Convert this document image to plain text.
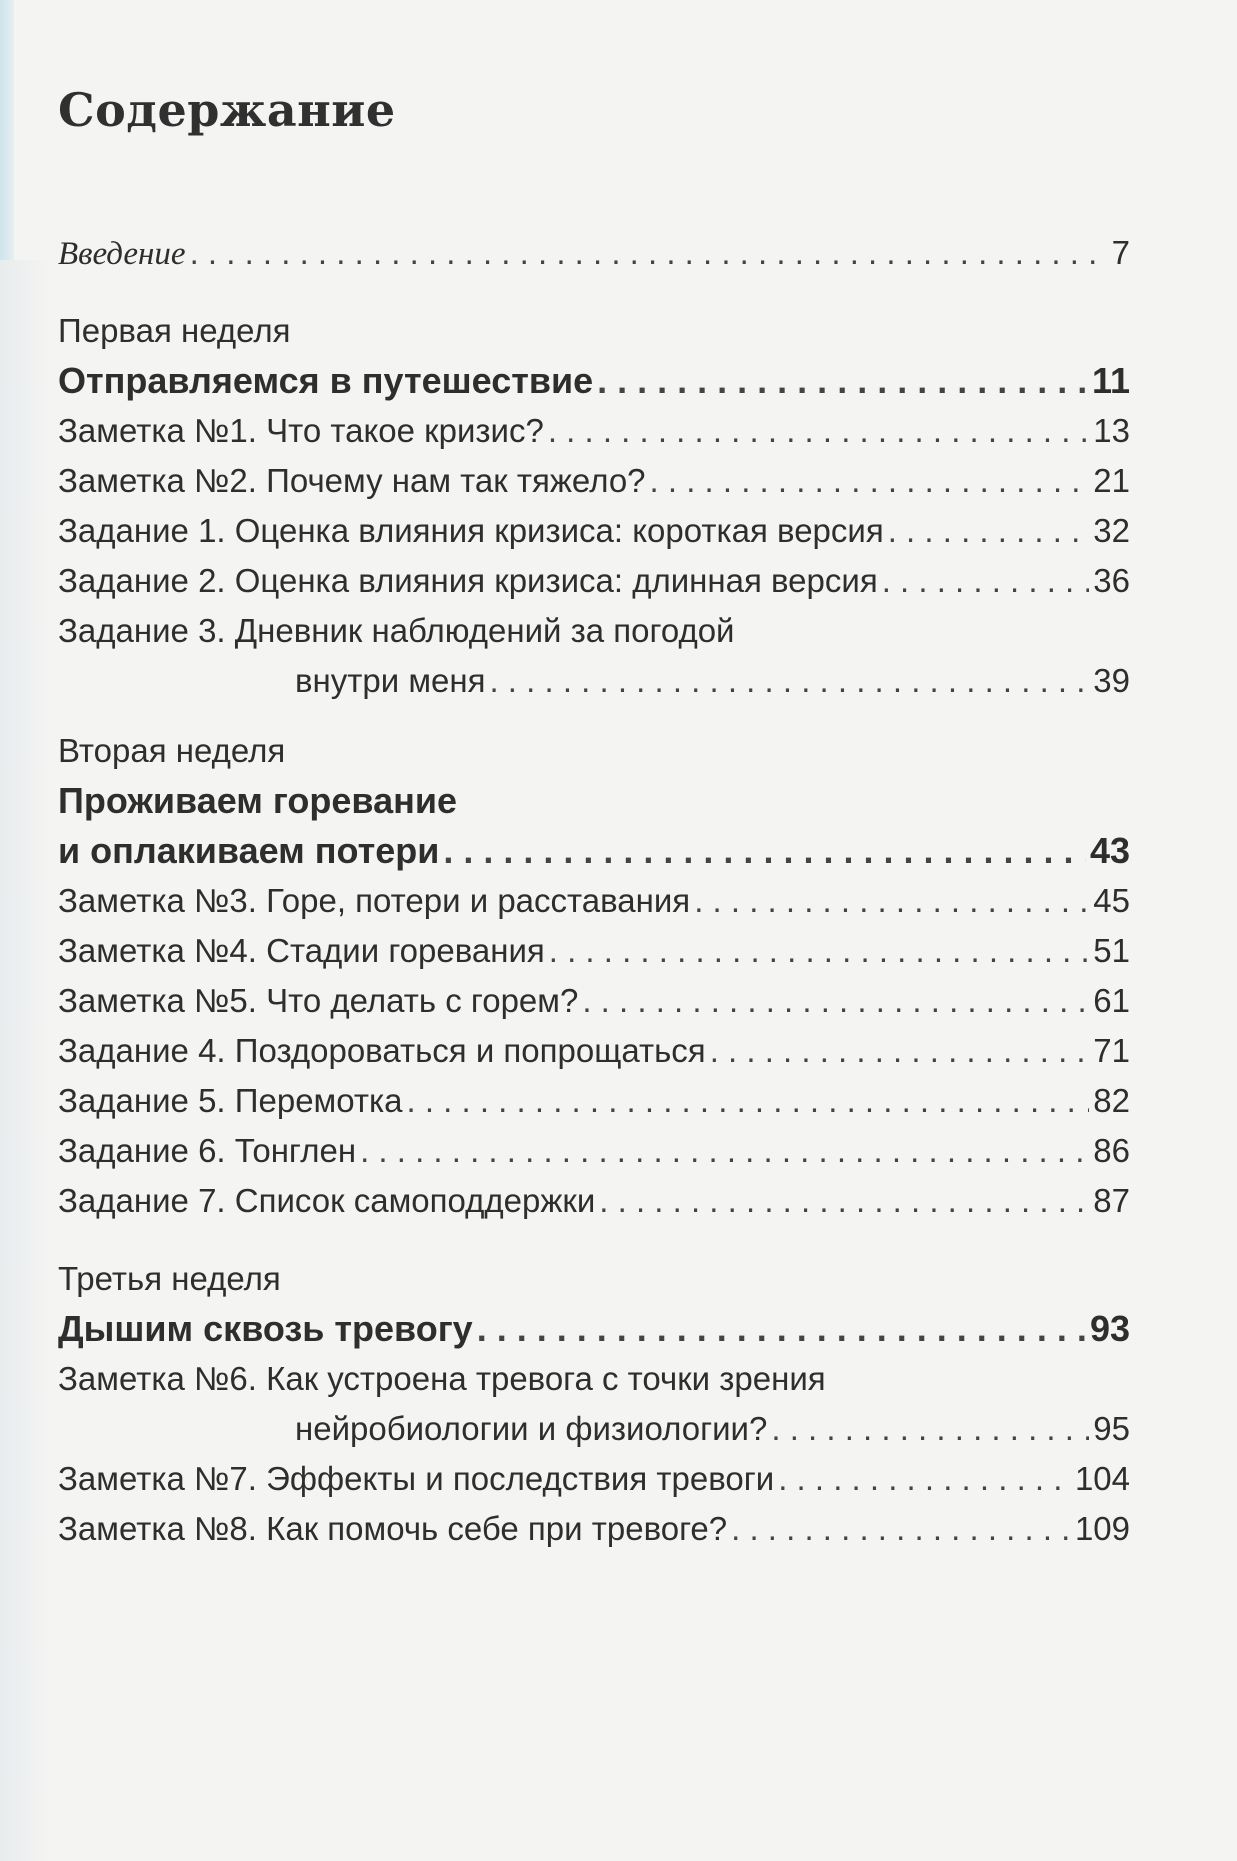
Содержание
Введение . . .	7
Первая неделя
Отправляемся в путешествие . . .	11
Заметка №1. Что такое кризис? . . .	13
Заметка №2. Почему нам так тяжело? . . .	21
Задание 1. Оценка влияния кризиса: короткая версия . . .	32
Задание 2. Оценка влияния кризиса: длинная версия . . .	36
Задание 3. Дневник наблюдений за погодой
внутри меня . . .	39
Вторая неделя
Проживаем горевание
и оплакиваем потери . . .	43
Заметка №3. Горе, потери и расставания . . .	45
Заметка №4. Стадии горевания . . .	51
Заметка №5. Что делать с горем? . . .	61
Задание 4. Поздороваться и попрощаться . . .	71
Задание 5. Перемотка . . .	82
Задание 6. Тонглен . . .	86
Задание 7. Список самоподдержки . . .	87
Третья неделя
Дышим сквозь тревогу . . .	93
Заметка №6. Как устроена тревога с точки зрения
нейробиологии и физиологии? . . .	95
Заметка №7. Эффекты и последствия тревоги . . .	104
Заметка №8. Как помочь себе при тревоге? . . .	109
